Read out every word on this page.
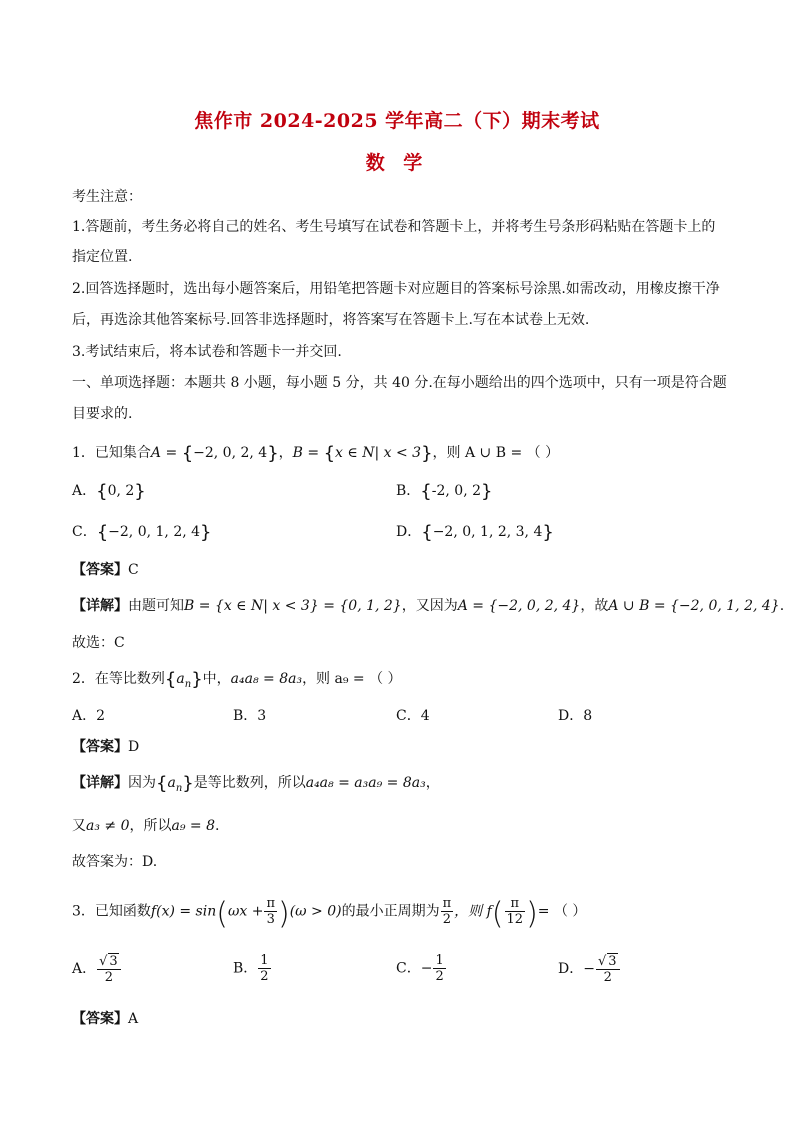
焦作市 2024-2025 学年高二（下）期末考试
数 学
考生注意：
1.答题前，考生务必将自己的姓名、考生号填写在试卷和答题卡上，并将考生号条形码粘贴在答题卡上的
指定位置.
2.回答选择题时，选出每小题答案后，用铅笔把答题卡对应题目的答案标号涂黑.如需改动，用橡皮擦干净
后，再选涂其他答案标号.回答非选择题时，将答案写在答题卡上.写在本试卷上无效.
3.考试结束后，将本试卷和答题卡一并交回.
一、单项选择题：本题共 8 小题，每小题 5 分，共 40 分.在每小题给出的四个选项中，只有一项是符合题
目要求的.
1．已知集合A = {−2, 0, 2, 4}，B = {x ∈ N| x < 3}，则 A ∪ B = （ ）
A．{0, 2}	B．{-2, 0, 2}
C．{−2, 0, 1, 2, 4}	D．{−2, 0, 1, 2, 3, 4}
【答案】C
【详解】由题可知B = {x ∈ N| x < 3} = {0, 1, 2}，又因为A = {−2, 0, 2, 4}，故A ∪ B = {−2, 0, 1, 2, 4}.
故选：C
2．在等比数列$\{a_n\}$中，a₄a₈ = 8a₃，则 a₉ = （ ）
A．2	B．3	C．4	D．8
【答案】D
【详解】因为$\{a_n\}$是等比数列，所以a₄a₈ = a₃a₉ = 8a₃，
又a₃ ≠ 0，所以a₉ = 8.
故答案为：D.
3．已知函数$f(x) = \sin(\omega x + \frac{\pi}{3} )(\omega > 0)$的最小正周期为 $\frac{\pi}{2}$ ，则 $f( \frac{\pi}{12}$ )= （ ）
A． $\frac{√ 3}{2}$	B． $\frac{1}{2}$	C．− $\frac{1}{2}$	D．− $\frac{√ 3}{2}$
【答案】A
